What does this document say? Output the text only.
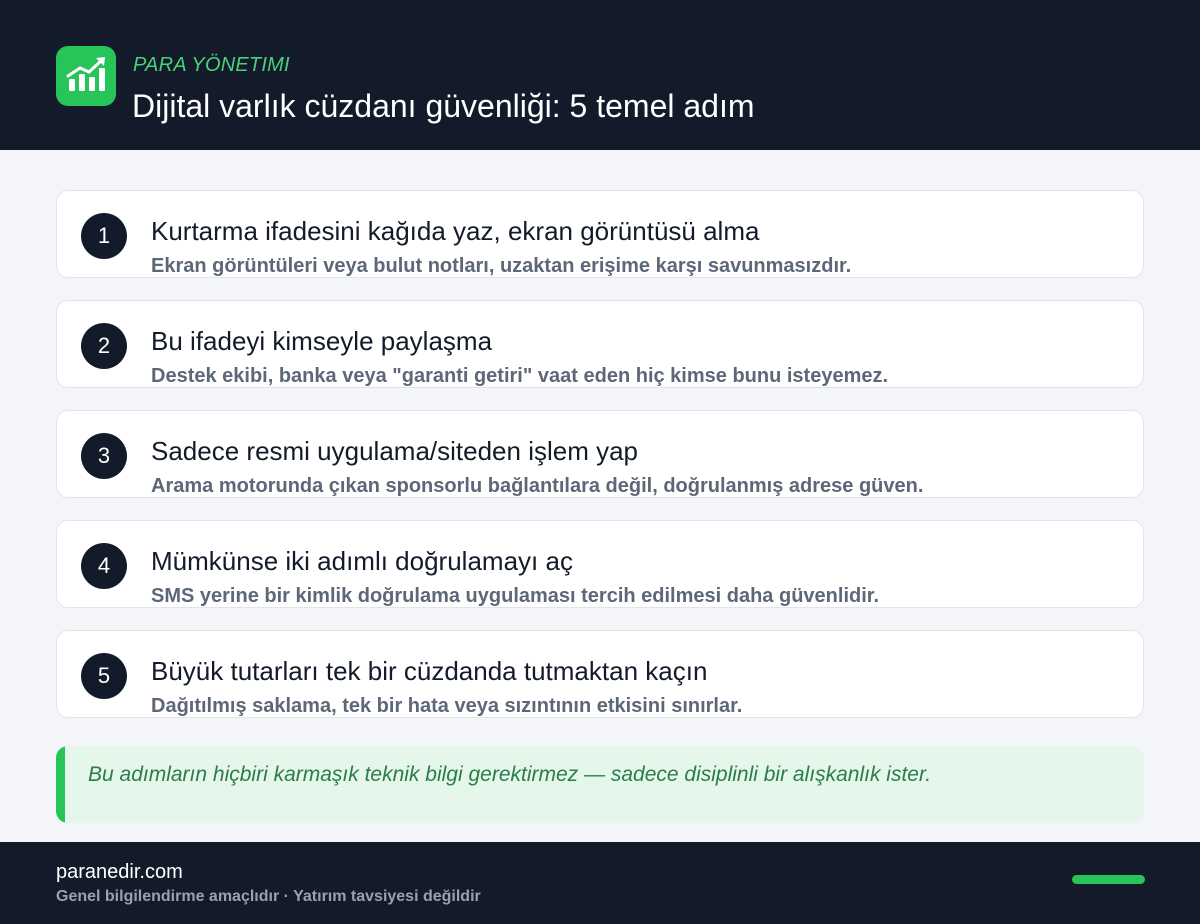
PARA YÖNETIMI
Dijital varlık cüzdanı güvenliği: 5 temel adım
1	Kurtarma ifadesini kağıda yaz, ekran görüntüsü alma
Ekran görüntüleri veya bulut notları, uzaktan erişime karşı savunmasızdır.
2	Bu ifadeyi kimseyle paylaşma
Destek ekibi, banka veya "garanti getiri" vaat eden hiç kimse bunu isteyemez.
3	Sadece resmi uygulama/siteden işlem yap
Arama motorunda çıkan sponsorlu bağlantılara değil, doğrulanmış adrese güven.
4	Mümkünse iki adımlı doğrulamayı aç
SMS yerine bir kimlik doğrulama uygulaması tercih edilmesi daha güvenlidir.
5	Büyük tutarları tek bir cüzdanda tutmaktan kaçın
Dağıtılmış saklama, tek bir hata veya sızıntının etkisini sınırlar.
Bu adımların hiçbiri karmaşık teknik bilgi gerektirmez — sadece disiplinli bir alışkanlık ister.
paranedir.com
Genel bilgilendirme amaçlıdır · Yatırım tavsiyesi değildir
